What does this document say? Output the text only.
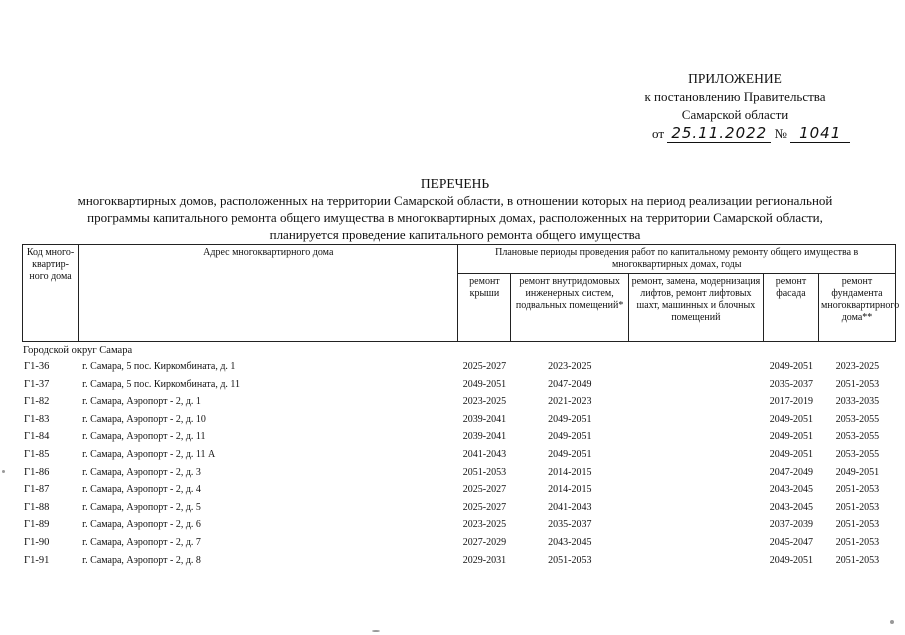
ПРИЛОЖЕНИЕ
к постановлению Правительства
Самарской области
от 25.11.2022 № 1041
ПЕРЕЧЕНЬ
многоквартирных домов, расположенных на территории Самарской области, в отношении которых на период реализации региональной
программы капитального ремонта общего имущества в многоквартирных домах, расположенных на территории Самарской области,
планируется проведение капитального ремонта общего имущества
Код много-квартир-ного дома	Адрес многоквартирного дома	Плановые периоды проведения работ по капитальному ремонту общего имущества в многоквартирных домах, годы				
		ремонт крыши	ремонт внутридомовых инженерных систем, подвальных помещений*	ремонт, замена, модернизация лифтов, ремонт лифтовых шахт, машинных и блочных помещений	ремонт фасада	ремонт фундамента многоквартирного дома**
Городской округ Самара
Г1-36	г. Самара, 5 пос. Киркомбината, д. 1	2025-2027	2023-2025		2049-2051	2023-2025
Г1-37	г. Самара, 5 пос. Киркомбината, д. 11	2049-2051	2047-2049		2035-2037	2051-2053
Г1-82	г. Самара, Аэропорт - 2, д. 1	2023-2025	2021-2023		2017-2019	2033-2035
Г1-83	г. Самара, Аэропорт - 2, д. 10	2039-2041	2049-2051		2049-2051	2053-2055
Г1-84	г. Самара, Аэропорт - 2, д. 11	2039-2041	2049-2051		2049-2051	2053-2055
Г1-85	г. Самара, Аэропорт - 2, д. 11 А	2041-2043	2049-2051		2049-2051	2053-2055
Г1-86	г. Самара, Аэропорт - 2, д. 3	2051-2053	2014-2015		2047-2049	2049-2051
Г1-87	г. Самара, Аэропорт - 2, д. 4	2025-2027	2014-2015		2043-2045	2051-2053
Г1-88	г. Самара, Аэропорт - 2, д. 5	2025-2027	2041-2043		2043-2045	2051-2053
Г1-89	г. Самара, Аэропорт - 2, д. 6	2023-2025	2035-2037		2037-2039	2051-2053
Г1-90	г. Самара, Аэропорт - 2, д. 7	2027-2029	2043-2045		2045-2047	2051-2053
Г1-91	г. Самара, Аэропорт - 2, д. 8	2029-2031	2051-2053		2049-2051	2051-2053
